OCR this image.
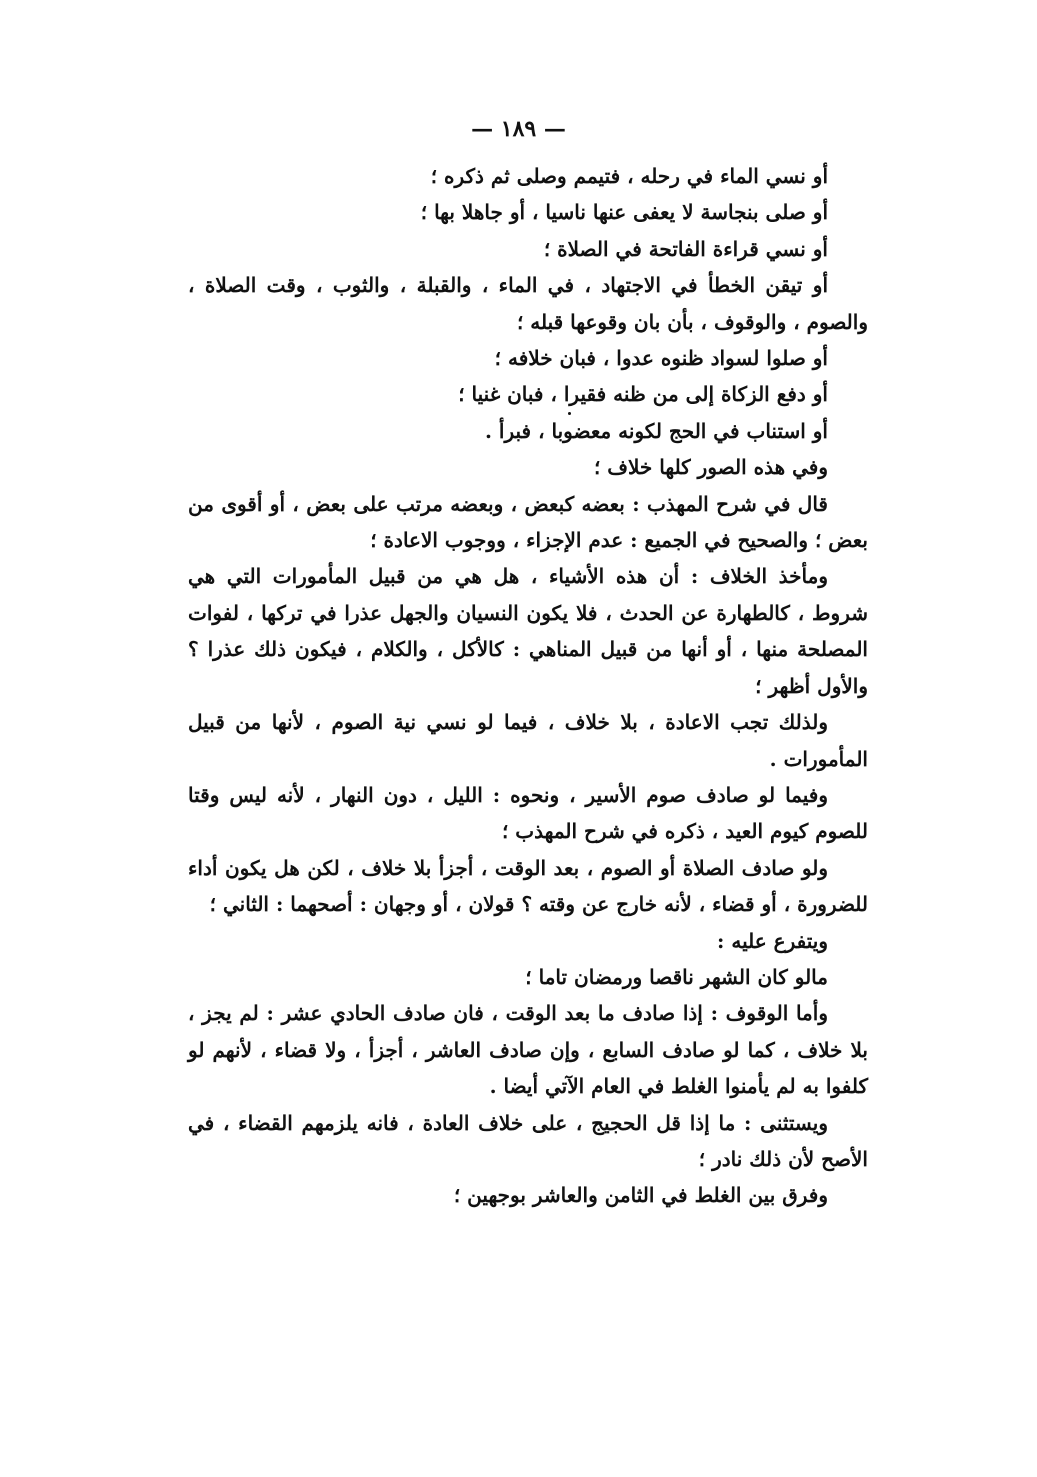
— ١٨٩ —

أو نسي الماء في رحله ، فتيمم وصلى ثم ذكره ؛

أو صلى بنجاسة لا يعفى عنها ناسيا ، أو جاهلا بها ؛

أو نسي قراءة الفاتحة في الصلاة ؛

أو تيقن الخطأ في الاجتهاد ، في الماء ، والقبلة ، والثوب ، وقت الصلاة ، والصوم ، والوقوف ، بأن بان وقوعها قبله ؛

أو صلوا لسواد ظنوه عدوا ، فبان خلافه ؛

أو دفع الزكاة إلى من ظنه فقيرا ، فبان غنيا ؛

أو استناب في الحج لكونه معضوبا ، فبرأ .

وفي هذه الصور كلها خلاف ؛

قال في شرح المهذب : بعضه كبعض ، وبعضه مرتب على بعض ، أو أقوى من بعض ؛ والصحيح في الجميع : عدم الإجزاء ، ووجوب الاعادة ؛

ومأخذ الخلاف : أن هذه الأشياء ، هل هي من قبيل المأمورات التي هي شروط ، كالطهارة عن الحدث ، فلا يكون النسيان والجهل عذرا في تركها ، لفوات المصلحة منها ، أو أنها من قبيل المناهي : كالأكل ، والكلام ، فيكون ذلك عذرا ؟ والأول أظهر ؛

ولذلك تجب الاعادة ، بلا خلاف ، فيما لو نسي نية الصوم ، لأنها من قبيل المأمورات .

وفيما لو صادف صوم الأسير ، ونحوه : الليل ، دون النهار ، لأنه ليس وقتا للصوم كيوم العيد ، ذكره في شرح المهذب ؛

ولو صادف الصلاة أو الصوم ، بعد الوقت ، أجزأ بلا خلاف ، لكن هل يكون أداء للضرورة ، أو قضاء ، لأنه خارج عن وقته ؟ قولان ، أو وجهان : أصحهما : الثاني ؛

ويتفرع عليه :

مالو كان الشهر ناقصا ورمضان تاما ؛

وأما الوقوف : إذا صادف ما بعد الوقت ، فان صادف الحادي عشر : لم يجز ، بلا خلاف ، كما لو صادف السابع ، وإن صادف العاشر ، أجزأ ، ولا قضاء ، لأنهم لو كلفوا به لم يأمنوا الغلط في العام الآتي أيضا .

ويستثنى : ما إذا قل الحجيج ، على خلاف العادة ، فانه يلزمهم القضاء ، في الأصح لأن ذلك نادر ؛

وفرق بين الغلط في الثامن والعاشر بوجهين ؛
